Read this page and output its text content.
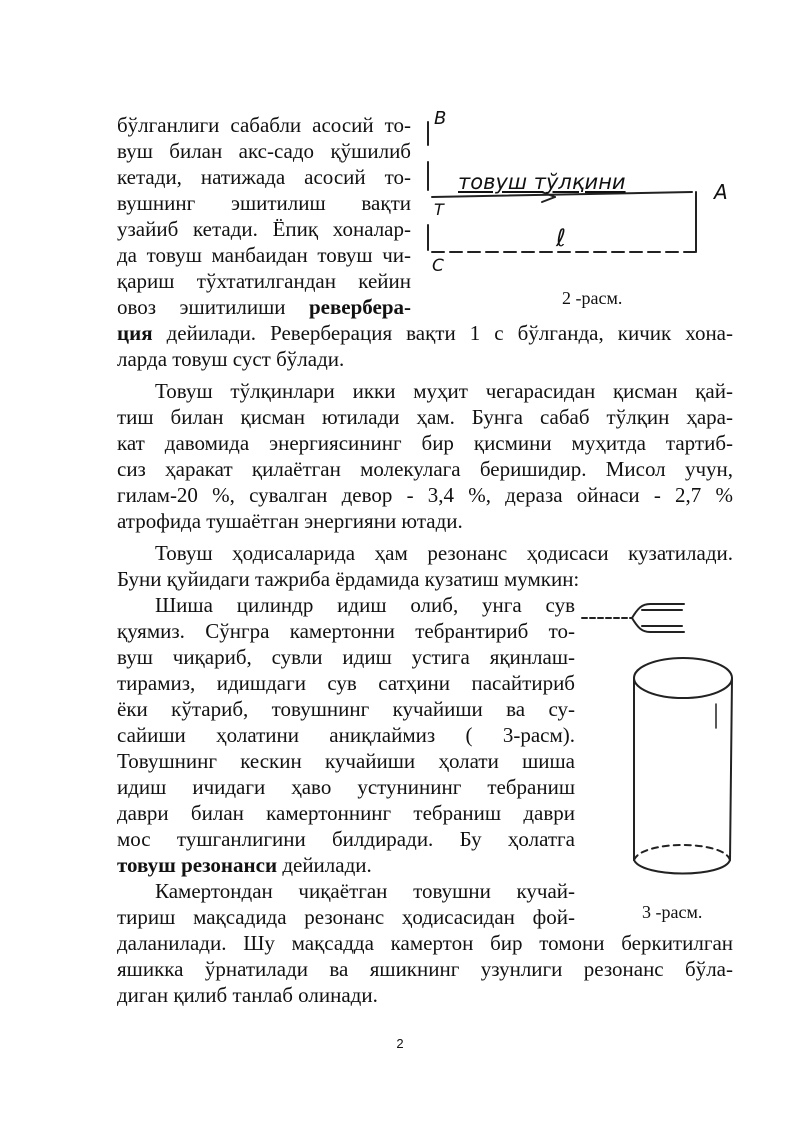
бўлганлиги сабабли асосий то-
вуш билан акс-садо қўшилиб
кетади, натижада асосий то-
вушнинг эшитилиш вақти
узайиб кетади. Ёпиқ хоналар-
да товуш манбаидан товуш чи-
қариш тўхтатилгандан кейин
овоз эшитилиши ревербера-
ция дейилади. Реверберация вақти 1 с бўлганда, кичик хона-
ларда товуш суст бўлади.
Товуш тўлқинлари икки муҳит чегарасидан қисман қай-
тиш билан қисман ютилади ҳам. Бунга сабаб тўлқин ҳара-
кат давомида энергиясининг бир қисмини муҳитда тартиб-
сиз ҳаракат қилаётган молекулага беришидир. Мисол учун,
гилам-20 %, сувалган девор - 3,4 %, дераза ойнаси - 2,7 %
атрофида тушаётган энергияни ютади.
Товуш ҳодисаларида ҳам резонанс ҳодисаси кузатилади.
Буни қуйидаги тажриба ёрдамида кузатиш мумкин:
Шиша цилиндр идиш олиб, унга сув
қуямиз. Сўнгра камертонни тебрантириб то-
вуш чиқариб, сувли идиш устига яқинлаш-
тирамиз, идишдаги сув сатҳини пасайтириб
ёки кўтариб, товушнинг кучайиши ва су-
сайиши ҳолатини аниқлаймиз ( 3-расм).
Товушнинг кескин кучайиши ҳолати шиша
идиш ичидаги ҳаво устунининг тебраниш
даври билан камертоннинг тебраниш даври
мос тушганлигини билдиради. Бу ҳолатга
товуш резонанси дейилади.
Камертондан чиқаётган товушни кучай-
тириш мақсадида резонанс ҳодисасидан фой-
даланилади. Шу мақсадда камертон бир томони беркитилган
яшикка ўрнатилади ва яшикнинг узунлиги резонанс бўла-
диган қилиб танлаб олинади.
B
A
T
C
товуш тўлқини
ℓ
2 -расм.
3 -расм.
2
